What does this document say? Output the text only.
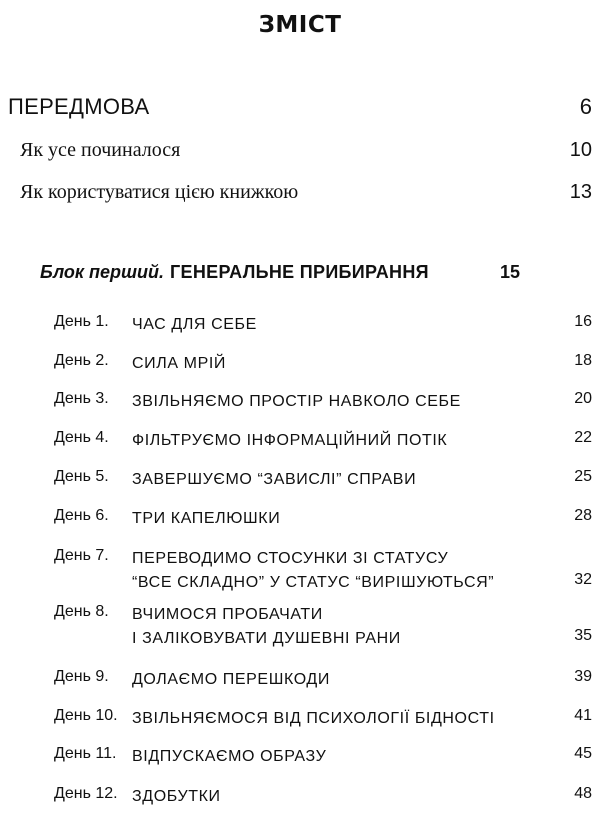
ЗМІСТ
ПЕРЕДМОВА	6
Як усе починалося	10
Як користуватися цією книжкою	13
Блок перший. ГЕНЕРАЛЬНЕ ПРИБИРАННЯ	15
День 1. ЧАС ДЛЯ СЕБЕ	16
День 2. СИЛА МРІЙ	18
День 3. ЗВІЛЬНЯЄМО ПРОСТІР НАВКОЛО СЕБЕ	20
День 4. ФІЛЬТРУЄМО ІНФОРМАЦІЙНИЙ ПОТІК	22
День 5. ЗАВЕРШУЄМО “ЗАВИСЛІ” СПРАВИ	25
День 6. ТРИ КАПЕЛЮШКИ	28
День 7. ПЕРЕВОДИМО СТОСУНКИ ЗІ СТАТУСУ
“ВСЕ СКЛАДНО” У СТАТУС “ВИРІШУЮТЬСЯ”	32
День 8. ВЧИМОСЯ ПРОБАЧАТИ
І ЗАЛІКОВУВАТИ ДУШЕВНІ РАНИ	35
День 9. ДОЛАЄМО ПЕРЕШКОДИ	39
День 10. ЗВІЛЬНЯЄМОСЯ ВІД ПСИХОЛОГІЇ БІДНОСТІ	41
День 11. ВІДПУСКАЄМО ОБРАЗУ	45
День 12. ЗДОБУТКИ	48
